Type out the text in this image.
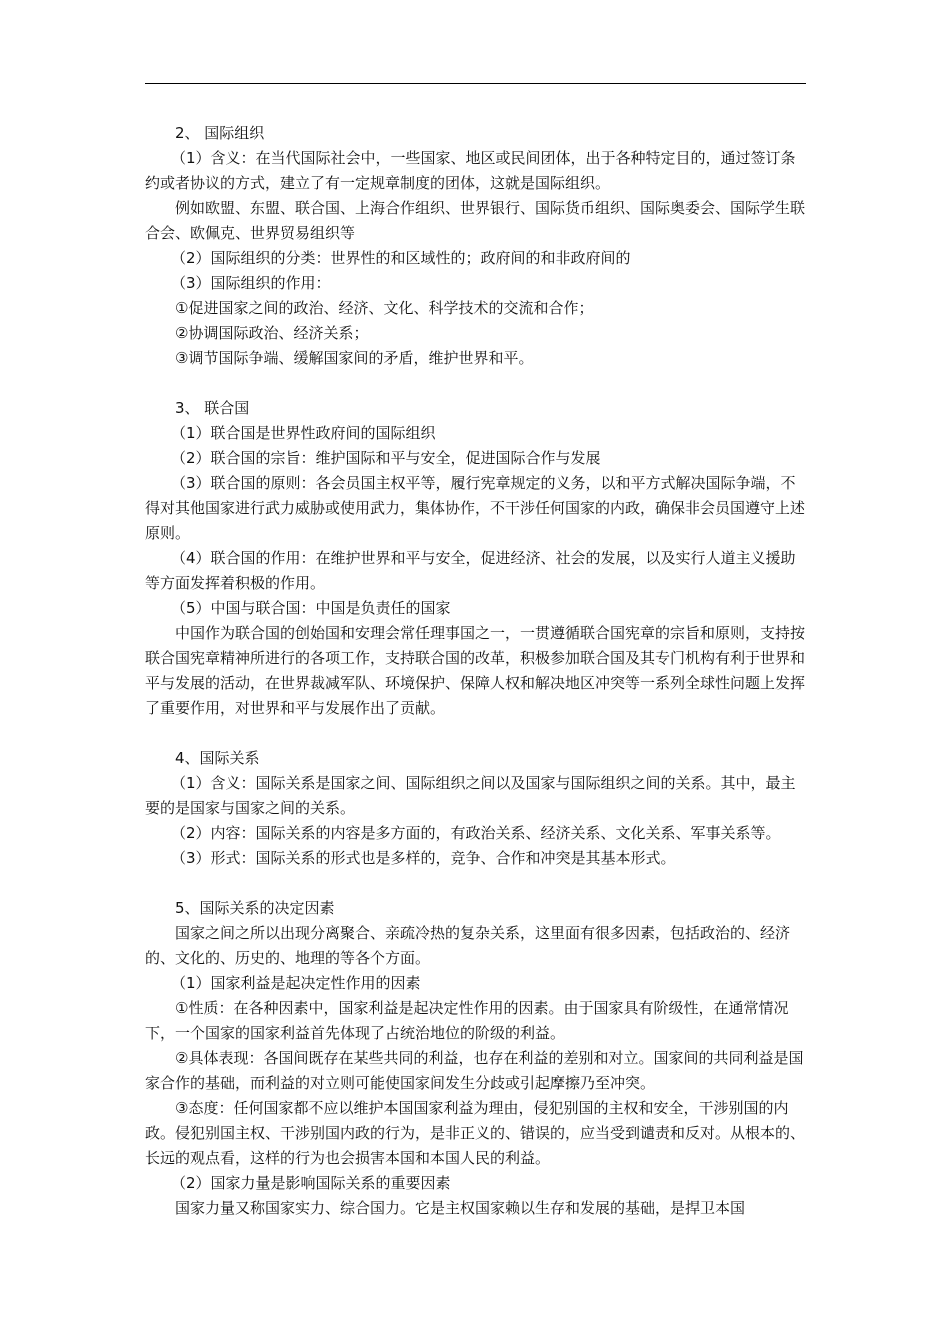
2、 国际组织
（1）含义：在当代国际社会中，一些国家、地区或民间团体，出于各种特定目的，通过签订条约或者协议的方式，建立了有一定规章制度的团体，这就是国际组织。
例如欧盟、东盟、联合国、上海合作组织、世界银行、国际货币组织、国际奥委会、国际学生联合会、欧佩克、世界贸易组织等
（2）国际组织的分类：世界性的和区域性的；政府间的和非政府间的
（3）国际组织的作用：
①促进国家之间的政治、经济、文化、科学技术的交流和合作；
②协调国际政治、经济关系；
③调节国际争端、缓解国家间的矛盾，维护世界和平。
3、 联合国
（1）联合国是世界性政府间的国际组织
（2）联合国的宗旨：维护国际和平与安全，促进国际合作与发展
（3）联合国的原则：各会员国主权平等，履行宪章规定的义务，以和平方式解决国际争端，不得对其他国家进行武力威胁或使用武力，集体协作，不干涉任何国家的内政，确保非会员国遵守上述原则。
（4）联合国的作用：在维护世界和平与安全，促进经济、社会的发展，以及实行人道主义援助等方面发挥着积极的作用。
（5）中国与联合国：中国是负责任的国家
中国作为联合国的创始国和安理会常任理事国之一，一贯遵循联合国宪章的宗旨和原则，支持按联合国宪章精神所进行的各项工作，支持联合国的改革，积极参加联合国及其专门机构有利于世界和平与发展的活动，在世界裁减军队、环境保护、保障人权和解决地区冲突等一系列全球性问题上发挥了重要作用，对世界和平与发展作出了贡献。
4、国际关系
（1）含义：国际关系是国家之间、国际组织之间以及国家与国际组织之间的关系。其中，最主要的是国家与国家之间的关系。
（2）内容：国际关系的内容是多方面的，有政治关系、经济关系、文化关系、军事关系等。
（3）形式：国际关系的形式也是多样的，竞争、合作和冲突是其基本形式。
5、国际关系的决定因素
国家之间之所以出现分离聚合、亲疏冷热的复杂关系，这里面有很多因素，包括政治的、经济的、文化的、历史的、地理的等各个方面。
（1）国家利益是起决定性作用的因素
①性质：在各种因素中，国家利益是起决定性作用的因素。由于国家具有阶级性，在通常情况下，一个国家的国家利益首先体现了占统治地位的阶级的利益。
②具体表现：各国间既存在某些共同的利益，也存在利益的差别和对立。国家间的共同利益是国家合作的基础，而利益的对立则可能使国家间发生分歧或引起摩擦乃至冲突。
③态度：任何国家都不应以维护本国国家利益为理由，侵犯别国的主权和安全，干涉别国的内政。侵犯别国主权、干涉别国内政的行为，是非正义的、错误的，应当受到谴责和反对。从根本的、长远的观点看，这样的行为也会损害本国和本国人民的利益。
（2）国家力量是影响国际关系的重要因素
国家力量又称国家实力、综合国力。它是主权国家赖以生存和发展的基础，是捍卫本国
